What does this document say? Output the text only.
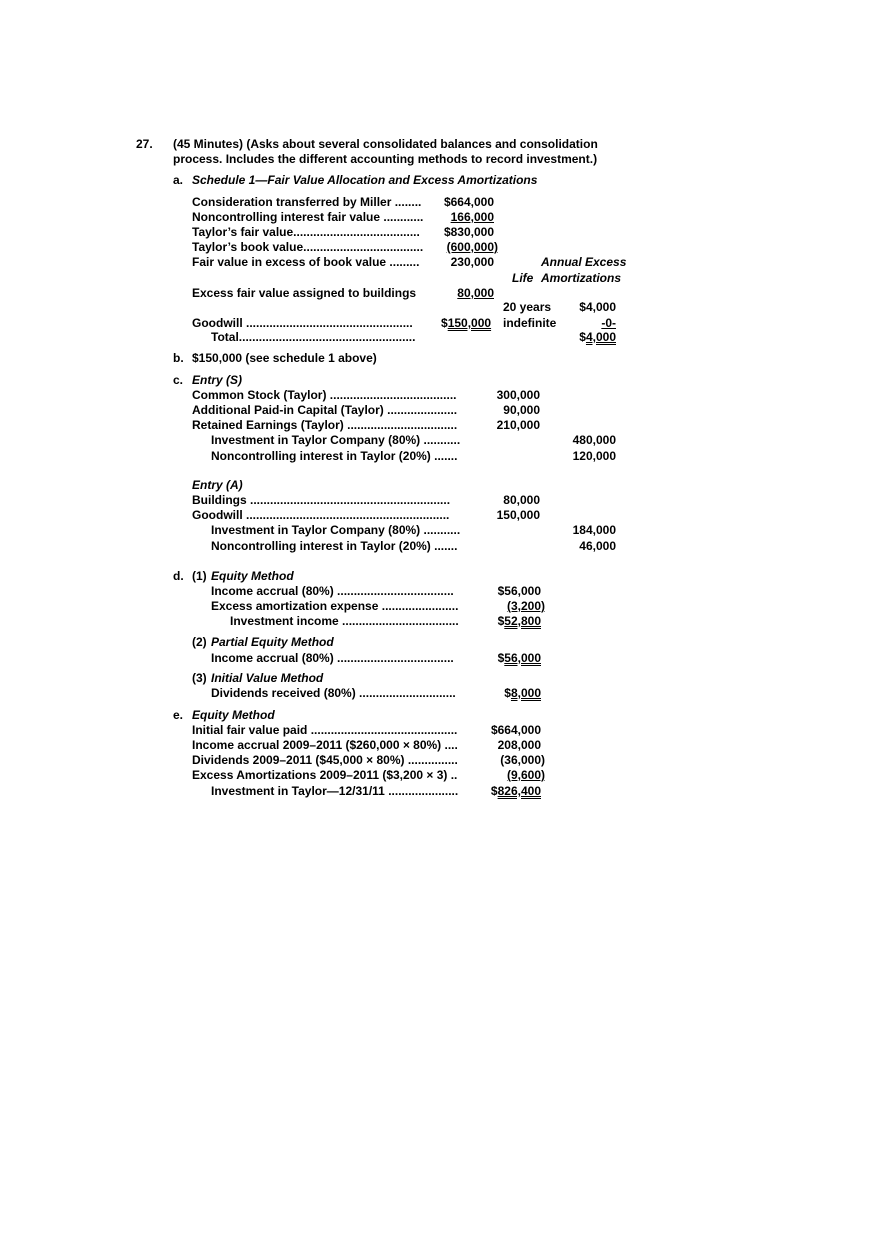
27. (45 Minutes) (Asks about several consolidated balances and consolidation
process. Includes the different accounting methods to record investment.)
a. Schedule 1—Fair Value Allocation and Excess Amortizations
Consideration transferred by Miller ........	$664,000
Noncontrolling interest fair value ............	166,000
Taylor’s fair value......................................	$830,000
Taylor’s book value....................................	(600,000)
Fair value in excess of book value .........	230,000	Annual Excess
Life Amortizations
Excess fair value assigned to buildings	80,000
20 years	$4,000
Goodwill .................................................. $150,000 indefinite	-0-
Total.....................................................	$4,000
b. $150,000 (see schedule 1 above)
c. Entry (S)
Common Stock (Taylor) ......................................	300,000
Additional Paid-in Capital (Taylor) .....................	90,000
Retained Earnings (Taylor) .................................	210,000
Investment in Taylor Company (80%) ...........	480,000
Noncontrolling interest in Taylor (20%) .......	120,000
Entry (A)
Buildings ............................................................	80,000
Goodwill .............................................................	150,000
Investment in Taylor Company (80%) ...........	184,000
Noncontrolling interest in Taylor (20%) .......	46,000
d. (1) Equity Method
Income accrual (80%) ...................................	$56,000
Excess amortization expense .......................	(3,200)
Investment income ...................................	$52,800
(2) Partial Equity Method
Income accrual (80%) ...................................	$56,000
(3) Initial Value Method
Dividends received (80%) .............................	$8,000
e. Equity Method
Initial fair value paid ............................................	$664,000
Income accrual 2009–2011 ($260,000 × 80%) ....	208,000
Dividends 2009–2011 ($45,000 × 80%) ...............	(36,000)
Excess Amortizations 2009–2011 ($3,200 × 3) ..	(9,600)
Investment in Taylor—12/31/11 .....................	$826,400
